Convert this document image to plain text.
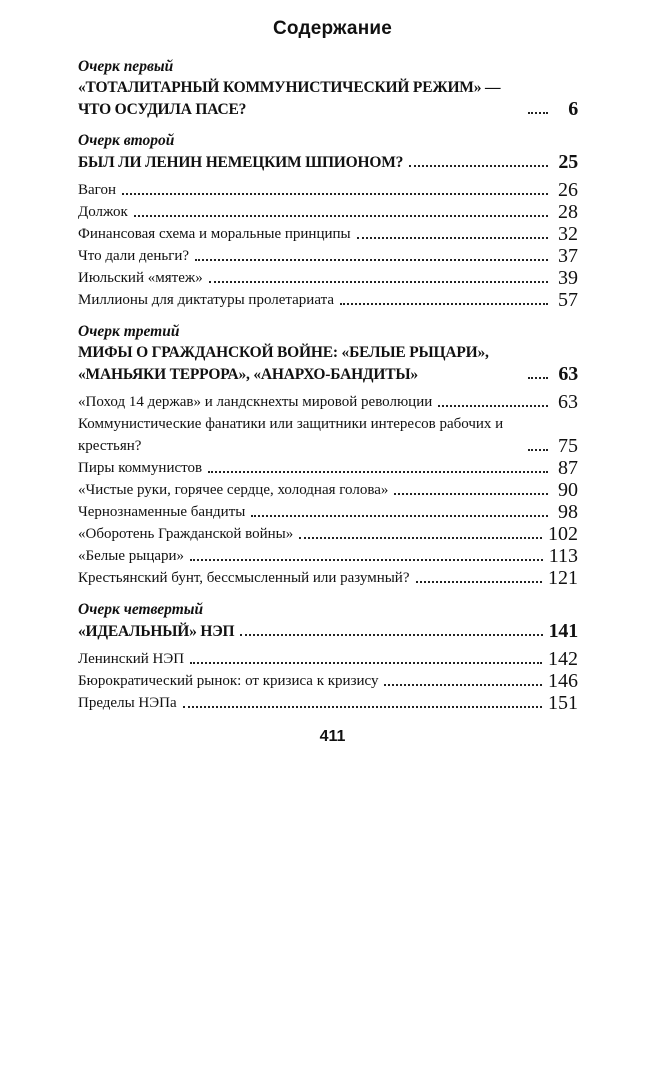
Содержание
Очерк первый
«ТОТАЛИТАРНЫЙ КОММУНИСТИЧЕСКИЙ РЕЖИМ» — ЧТО ОСУДИЛА ПАСЕ?	6
Очерк второй
БЫЛ ЛИ ЛЕНИН НЕМЕЦКИМ ШПИОНОМ?	25
Вагон	26
Должок	28
Финансовая схема и моральные принципы	32
Что дали деньги?	37
Июльский «мятеж»	39
Миллионы для диктатуры пролетариата	57
Очерк третий
МИФЫ О ГРАЖДАНСКОЙ ВОЙНЕ: «БЕЛЫЕ РЫЦАРИ», «МАНЬЯКИ ТЕРРОРА», «АНАРХО-БАНДИТЫ»	63
«Поход 14 держав» и ландскнехты мировой революции	63
Коммунистические фанатики или защитники интересов рабочих и крестьян?	75
Пиры коммунистов	87
«Чистые руки, горячее сердце, холодная голова»	90
Чернознаменные бандиты	98
«Оборотень Гражданской войны»	102
«Белые рыцари»	113
Крестьянский бунт, бессмысленный или разумный?	121
Очерк четвертый
«ИДЕАЛЬНЫЙ» НЭП	141
Ленинский НЭП	142
Бюрократический рынок: от кризиса к кризису	146
Пределы НЭПа	151
411
